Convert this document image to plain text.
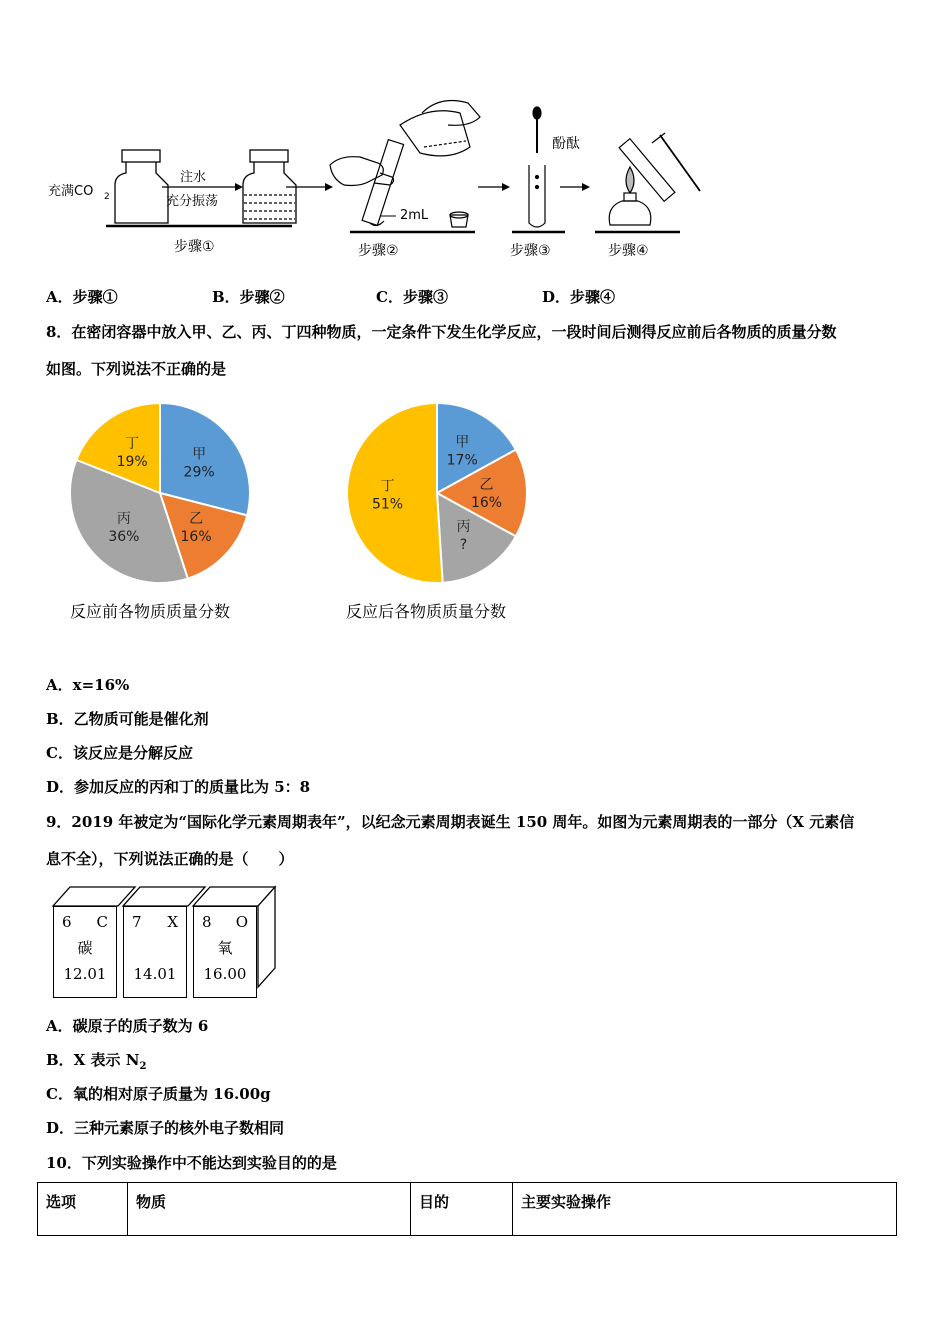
充满CO 2
注水
充分振荡
步骤①
2mL
步骤②
酚酞
步骤③	步骤④
A．步骤①	B．步骤②	C．步骤③	D．步骤④
8．在密闭容器中放入甲、乙、丙、丁四种物质，一定条件下发生化学反应，一段时间后测得反应前后各物质的质量分数
如图。下列说法不正确的是
甲
29%
乙
16%
丙
36%
丁
19%
甲
17%
乙
16%
丙
?
丁
51%
反应前各物质质量分数	反应后各物质质量分数
A．x=16%
B．乙物质可能是催化剂
C．该反应是分解反应
D．参加反应的丙和丁的质量比为 5：8
9．2019 年被定为“国际化学元素周期表年”，以纪念元素周期表诞生 150 周年。如图为元素周期表的一部分（X 元素信
息不全），下列说法正确的是（　　）
6 C
碳
12.01
7 X
14.01
8 O
氧
16.00
A．碳原子的质子数为 6
B．X 表示 $N_2$
C．氧的相对原子质量为 16.00g
D．三种元素原子的核外电子数相同
10．下列实验操作中不能达到实验目的的是
选项	物质	目的	主要实验操作
